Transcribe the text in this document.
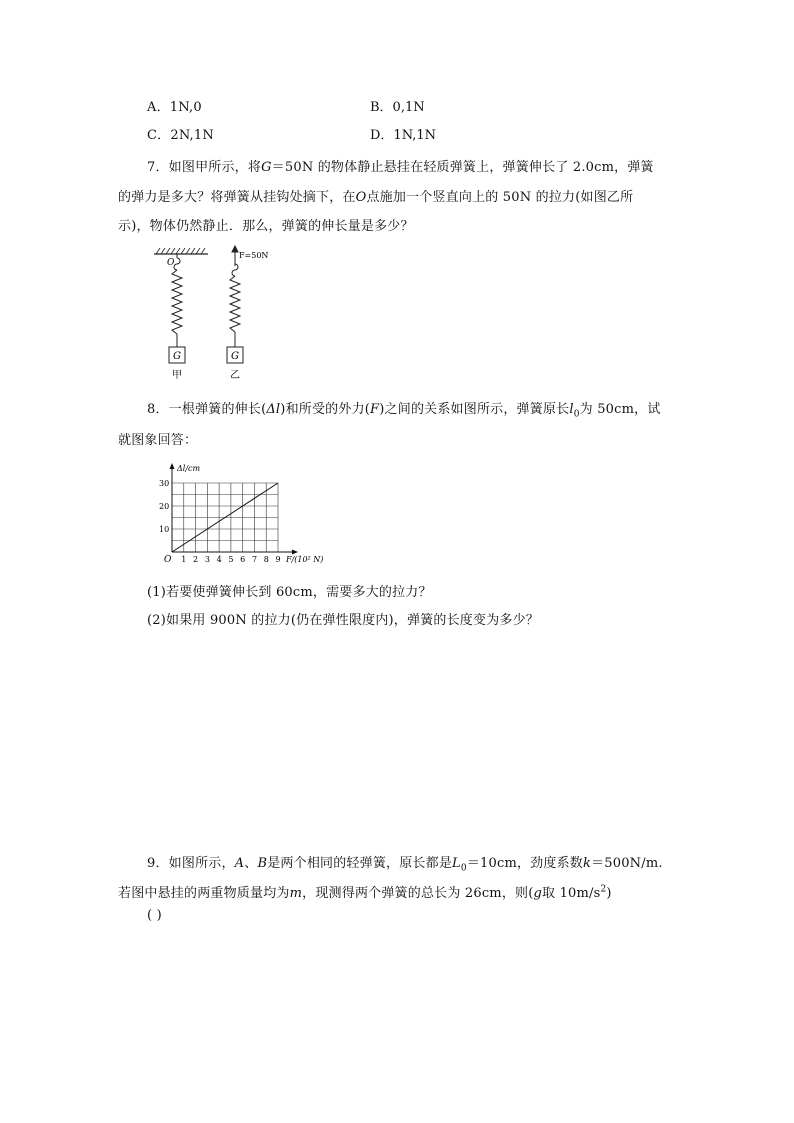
A．1N,0	B．0,1N
C．2N,1N	D．1N,1N
7．如图甲所示，将G＝50N 的物体静止悬挂在轻质弹簧上，弹簧伸长了 2.0cm，弹簧
的弹力是多大？将弹簧从挂钩处摘下，在O点施加一个竖直向上的 50N 的拉力(如图乙所
示)，物体仍然静止．那么，弹簧的伸长量是多少？
O
G
甲
F=50N
G
乙
8．一根弹簧的伸长(Δl)和所受的外力(F)之间的关系如图所示，弹簧原长$l_0$为 50cm，试
就图象回答：
1 2 3 4 5 6 7 8 9
10
20
30
Δl/cm
F/(10² N)
O
(1)若要使弹簧伸长到 60cm，需要多大的拉力？
(2)如果用 900N 的拉力(仍在弹性限度内)，弹簧的长度变为多少？
9．如图所示，A、B是两个相同的轻弹簧，原长都是$L_0=10cm$，劲度系数k＝500N/m.
若图中悬挂的两重物质量均为m，现测得两个弹簧的总长为 26cm，则(g取 $10m/s^2$)
( )
